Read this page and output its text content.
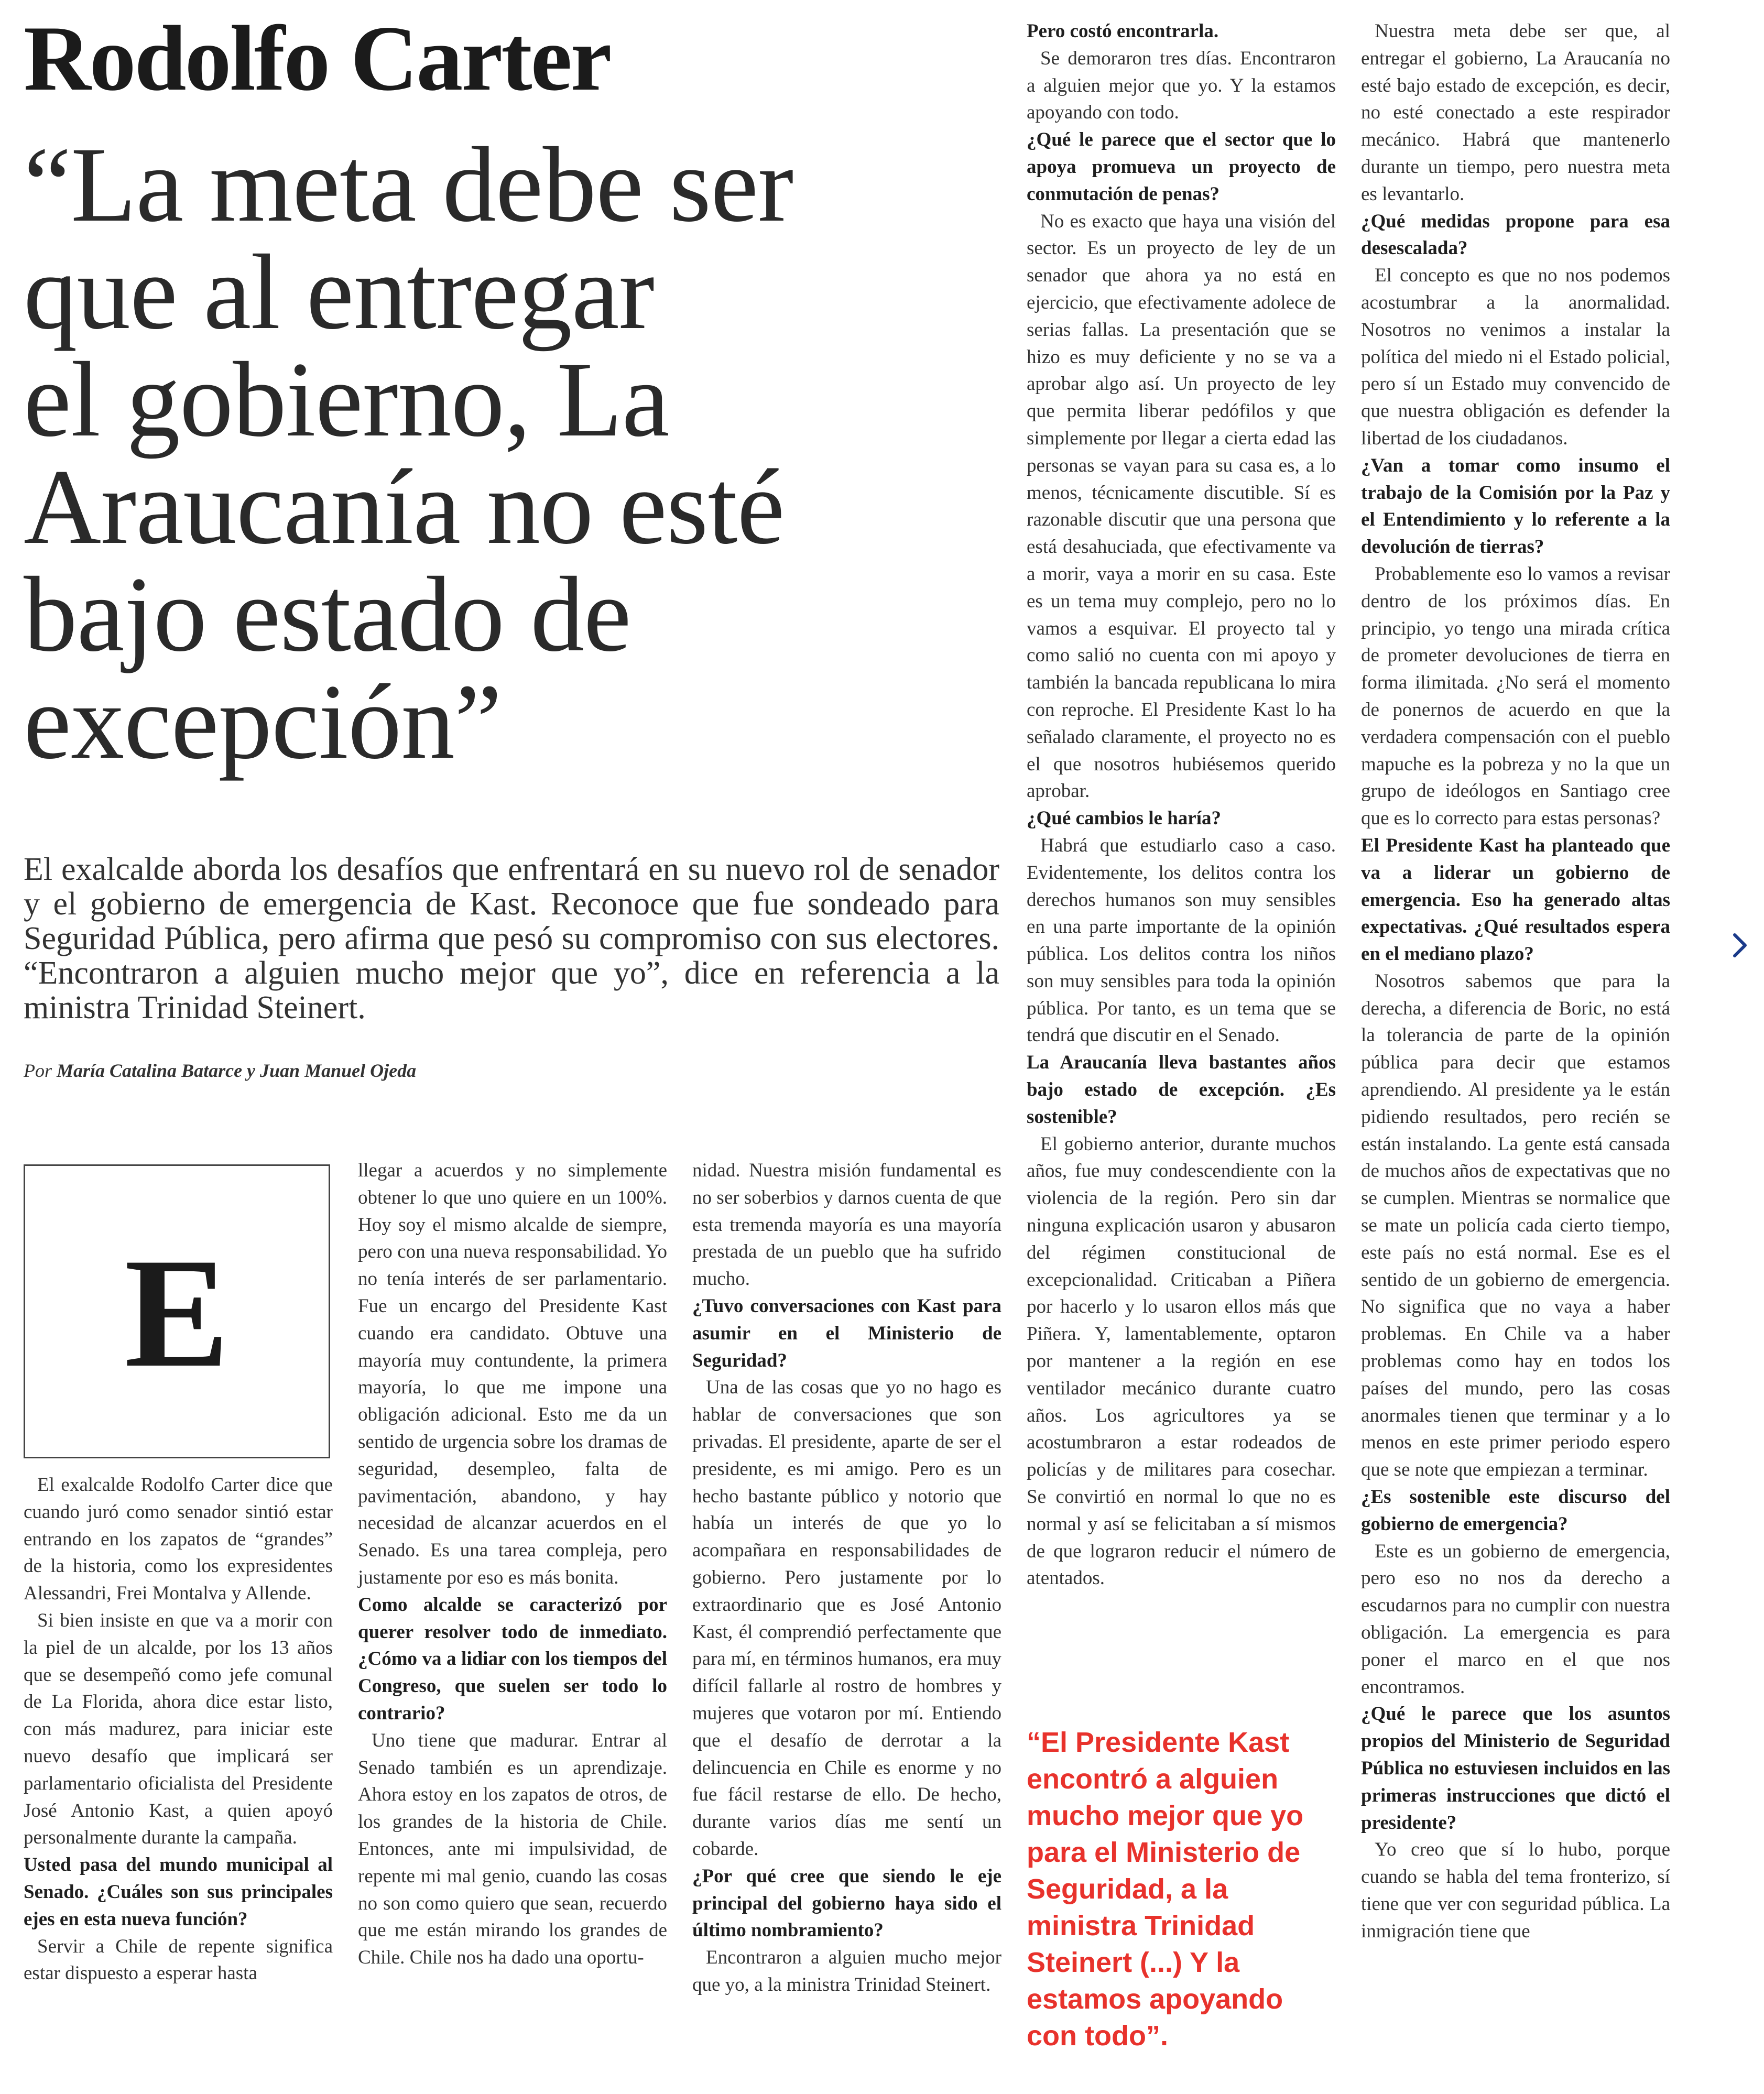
Rodolfo Carter
“La meta debe ser
que al entregar
el gobierno, La
Araucanía no esté
bajo estado de
excepción”
El exalcalde aborda los desafíos que enfrentará en su nuevo rol de senador y el gobierno de emergencia de Kast. Reconoce que fue sondeado para Seguridad Pública, pero afirma que pesó su compromiso con sus electores. “Encontraron a alguien mucho mejor que yo”, dice en referencia a la ministra Trinidad Steinert.
Por María Catalina Batarce y Juan Manuel Ojeda
E

El exalcalde Rodolfo Carter dice que cuando juró como senador sintió estar entrando en los zapatos de “grandes” de la historia, como los expresidentes Alessandri, Frei Montalva y Allende.

Si bien insiste en que va a morir con la piel de un alcalde, por los 13 años que se desempeñó como jefe comunal de La Florida, ahora dice estar listo, con más madurez, para iniciar este nuevo desafío que implicará ser parlamentario oficialista del Presidente José Antonio Kast, a quien apoyó personalmente durante la campaña.

Usted pasa del mundo municipal al Senado. ¿Cuáles son sus principales ejes en esta nueva función?

Servir a Chile de repente significa estar dispuesto a esperar hasta

llegar a acuerdos y no simplemente obtener lo que uno quiere en un 100%. Hoy soy el mismo alcalde de siempre, pero con una nueva responsabilidad. Yo no tenía interés de ser parlamentario. Fue un encargo del Presidente Kast cuando era candidato. Obtuve una mayoría muy contundente, la primera mayoría, lo que me impone una obligación adicional. Esto me da un sentido de urgencia sobre los dramas de seguridad, desempleo, falta de pavimentación, abandono, y hay necesidad de alcanzar acuerdos en el Senado. Es una tarea compleja, pero justamente por eso es más bonita.

Como alcalde se caracterizó por querer resolver todo de inmediato. ¿Cómo va a lidiar con los tiempos del Congreso, que suelen ser todo lo contrario?

Uno tiene que madurar. Entrar al Senado también es un aprendizaje. Ahora estoy en los zapatos de otros, de los grandes de la historia de Chile. Entonces, ante mi impulsividad, de repente mi mal genio, cuando las cosas no son como quiero que sean, recuerdo que me están mirando los grandes de Chile. Chile nos ha dado una oportu-

nidad. Nuestra misión fundamental es no ser soberbios y darnos cuenta de que esta tremenda mayoría es una mayoría prestada de un pueblo que ha sufrido mucho.

¿Tuvo conversaciones con Kast para asumir en el Ministerio de Seguridad?

Una de las cosas que yo no hago es hablar de conversaciones que son privadas. El presidente, aparte de ser el presidente, es mi amigo. Pero es un hecho bastante público y notorio que había un interés de que yo lo acompañara en responsabilidades de gobierno. Pero justamente por lo extraordinario que es José Antonio Kast, él comprendió perfectamente que para mí, en términos humanos, era muy difícil fallarle al rostro de hombres y mujeres que votaron por mí. Entiendo que el desafío de derrotar a la delincuencia en Chile es enorme y no fue fácil restarse de ello. De hecho, durante varios días me sentí un cobarde.

¿Por qué cree que siendo le eje principal del gobierno haya sido el último nombramiento?

Encontraron a alguien mucho mejor que yo, a la ministra Trinidad Steinert.

Pero costó encontrarla.

Se demoraron tres días. Encontraron a alguien mejor que yo. Y la estamos apoyando con todo.

¿Qué le parece que el sector que lo apoya promueva un proyecto de conmutación de penas?

No es exacto que haya una visión del sector. Es un proyecto de ley de un senador que ahora ya no está en ejercicio, que efectivamente adolece de serias fallas. La presentación que se hizo es muy deficiente y no se va a aprobar algo así. Un proyecto de ley que permita liberar pedófilos y que simplemente por llegar a cierta edad las personas se vayan para su casa es, a lo menos, técnicamente discutible. Sí es razonable discutir que una persona que está desahuciada, que efectivamente va a morir, vaya a morir en su casa. Este es un tema muy complejo, pero no lo vamos a esquivar. El proyecto tal y como salió no cuenta con mi apoyo y también la bancada republicana lo mira con reproche. El Presidente Kast lo ha señalado claramente, el proyecto no es el que nosotros hubiésemos querido aprobar.

¿Qué cambios le haría?

Habrá que estudiarlo caso a caso. Evidentemente, los delitos contra los derechos humanos son muy sensibles en una parte importante de la opinión pública. Los delitos contra los niños son muy sensibles para toda la opinión pública. Por tanto, es un tema que se tendrá que discutir en el Senado.

La Araucanía lleva bastantes años bajo estado de excepción. ¿Es sostenible?

El gobierno anterior, durante muchos años, fue muy condescendiente con la violencia de la región. Pero sin dar ninguna explicación usaron y abusaron del régimen constitucional de excepcionalidad. Criticaban a Piñera por hacerlo y lo usaron ellos más que Piñera. Y, lamentablemente, optaron por mantener a la región en ese ventilador mecánico durante cuatro años. Los agricultores ya se acostumbraron a estar rodeados de policías y de militares para cosechar. Se convirtió en normal lo que no es normal y así se felicitaban a sí mismos de que lograron reducir el número de atentados.

Nuestra meta debe ser que, al entregar el gobierno, La Araucanía no esté bajo estado de excepción, es decir, no esté conectado a este respirador mecánico. Habrá que mantenerlo durante un tiempo, pero nuestra meta es levantarlo.

¿Qué medidas propone para esa desescalada?

El concepto es que no nos podemos acostumbrar a la anormalidad. Nosotros no venimos a instalar la política del miedo ni el Estado policial, pero sí un Estado muy convencido de que nuestra obligación es defender la libertad de los ciudadanos.

¿Van a tomar como insumo el trabajo de la Comisión por la Paz y el Entendimiento y lo referente a la devolución de tierras?

Probablemente eso lo vamos a revisar dentro de los próximos días. En principio, yo tengo una mirada crítica de prometer devoluciones de tierra en forma ilimitada. ¿No será el momento de ponernos de acuerdo en que la verdadera compensación con el pueblo mapuche es la pobreza y no la que un grupo de ideólogos en Santiago cree que es lo correcto para estas personas?

El Presidente Kast ha planteado que va a liderar un gobierno de emergencia. Eso ha generado altas expectativas. ¿Qué resultados espera en el mediano plazo?

Nosotros sabemos que para la derecha, a diferencia de Boric, no está la tolerancia de parte de la opinión pública para decir que estamos aprendiendo. Al presidente ya le están pidiendo resultados, pero recién se están instalando. La gente está cansada de muchos años de expectativas que no se cumplen. Mientras se normalice que se mate un policía cada cierto tiempo, este país no está normal. Ese es el sentido de un gobierno de emergencia. No significa que no vaya a haber problemas. En Chile va a haber problemas como hay en todos los países del mundo, pero las cosas anormales tienen que terminar y a lo menos en este primer periodo espero que se note que empiezan a terminar.

¿Es sostenible este discurso del gobierno de emergencia?

Este es un gobierno de emergencia, pero eso no nos da derecho a escudarnos para no cumplir con nuestra obligación. La emergencia es para poner el marco en el que nos encontramos.

¿Qué le parece que los asuntos propios del Ministerio de Seguridad Pública no estuviesen incluidos en las primeras instrucciones que dictó el presidente?

Yo creo que sí lo hubo, porque cuando se habla del tema fronterizo, sí tiene que ver con seguridad pública. La inmigración tiene que

“El Presidente Kast encontró a alguien mucho mejor que yo para el Ministerio de Seguridad, a la ministra Trinidad Steinert (...) Y la estamos apoyando con todo”.
